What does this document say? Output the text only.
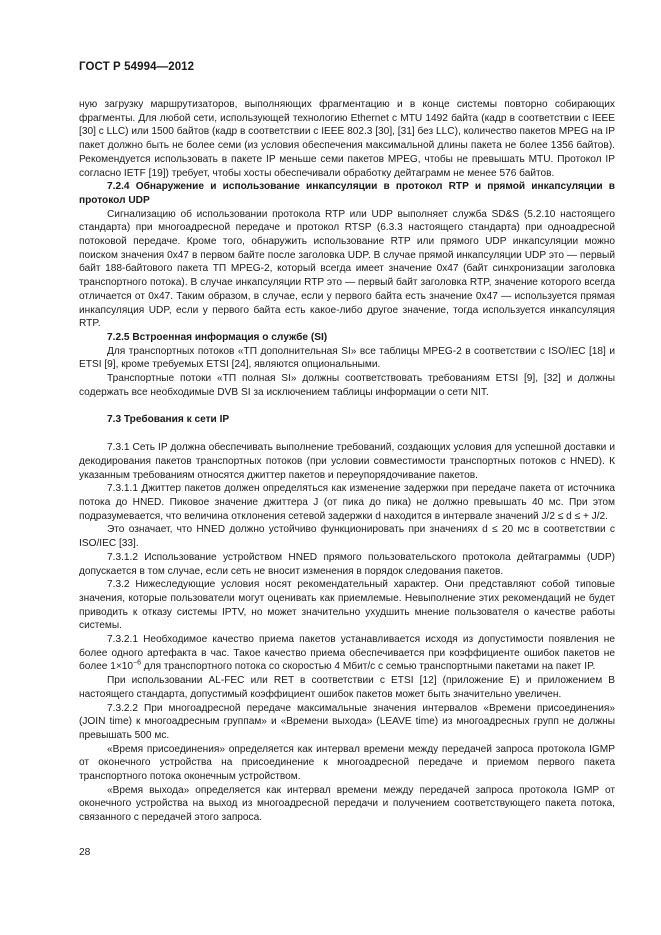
ГОСТ Р 54994—2012

ную загрузку маршрутизаторов, выполняющих фрагментацию и в конце системы повторно собирающих фрагменты. Для любой сети, использующей технологию Ethernet с MTU 1492 байта (кадр в соответствии с IEEE [30] с LLC) или 1500 байтов (кадр в соответствии с IEEE 802.3 [30], [31] без LLC), количество пакетов MPEG на IP пакет должно быть не более семи (из условия обеспечения максимальной длины пакета не более 1356 байтов). Рекомендуется использовать в пакете IP меньше семи пакетов MPEG, чтобы не превышать MTU. Протокол IP согласно IETF [19]) требует, чтобы хосты обеспечивали обработку дейтаграмм не менее 576 байтов.

7.2.4 Обнаружение и использование инкапсуляции в протокол RTP и прямой инкапсуляции в протокол UDP

Сигнализацию об использовании протокола RTP или UDP выполняет служба SD&S (5.2.10 настоящего стандарта) при многоадресной передаче и протокол RTSP (6.3.3 настоящего стандарта) при одноадресной потоковой передаче. Кроме того, обнаружить использование RTP или прямого UDP инкапсуляции можно поиском значения 0x47 в первом байте после заголовка UDP. В случае прямой инкапсуляции UDP это — первый байт 188-байтового пакета ТП MPEG-2, который всегда имеет значение 0x47 (байт синхронизации заголовка транспортного потока). В случае инкапсуляции RTP это — первый байт заголовка RTP, значение которого всегда отличается от 0x47. Таким образом, в случае, если у первого байта есть значение 0x47 — используется прямая инкапсуляция UDP, если у первого байта есть какое-либо другое значение, тогда используется инкапсуляция RTP.

7.2.5 Встроенная информация о службе (SI)

Для транспортных потоков «ТП дополнительная SI» все таблицы MPEG-2 в соответствии с ISO/IEC [18] и ETSI [9], кроме требуемых ETSI [24], являются опциональными.

Транспортные потоки «ТП полная SI» должны соответствовать требованиям ETSI [9], [32] и должны содержать все необходимые DVB SI за исключением таблицы информации о сети NIT.

7.3 Требования к сети IP

7.3.1 Сеть IP должна обеспечивать выполнение требований, создающих условия для успешной доставки и декодирования пакетов транспортных потоков (при условии совместимости транспортных потоков с HNED). К указанным требованиям относятся джиттер пакетов и переупорядочивание пакетов.

7.3.1.1 Джиттер пакетов должен определяться как изменение задержки при передаче пакета от источника потока до HNED. Пиковое значение джиттера J (от пика до пика) не должно превышать 40 мс. При этом подразумевается, что величина отклонения сетевой задержки d находится в интервале значений J/2 ≤ d ≤ + J/2.

Это означает, что HNED должно устойчиво функционировать при значениях d ≤ 20 мс в соответствии с ISO/IEC [33].

7.3.1.2 Использование устройством HNED прямого пользовательского протокола дейтаграммы (UDP) допускается в том случае, если сеть не вносит изменения в порядок следования пакетов.

7.3.2 Нижеследующие условия носят рекомендательный характер. Они представляют собой типовые значения, которые пользователи могут оценивать как приемлемые. Невыполнение этих рекомендаций не будет приводить к отказу системы IPTV, но может значительно ухудшить мнение пользователя о качестве работы системы.

7.3.2.1 Необходимое качество приема пакетов устанавливается исходя из допустимости появления не более одного артефакта в час. Такое качество приема обеспечивается при коэффициенте ошибок пакетов не более $1\times 10^{-6}$ для транспортного потока со скоростью 4 Мбит/с с семью транспортными пакетами на пакет IP.

При использовании AL-FEC или RET в соответствии с ETSI [12] (приложение E) и приложением В настоящего стандарта, допустимый коэффициент ошибок пакетов может быть значительно увеличен.

7.3.2.2 При многоадресной передаче максимальные значения интервалов «Времени присоединения» (JOIN time) к многоадресным группам» и «Времени выхода» (LEAVE time) из многоадресных групп не должны превышать 500 мс.

«Время присоединения» определяется как интервал времени между передачей запроса протокола IGMP от оконечного устройства на присоединение к многоадресной передаче и приемом первого пакета транспортного потока оконечным устройством.

«Время выхода» определяется как интервал времени между передачей запроса протокола IGMP от оконечного устройства на выход из многоадресной передачи и получением соответствующего пакета потока, связанного с передачей этого запроса.

28
